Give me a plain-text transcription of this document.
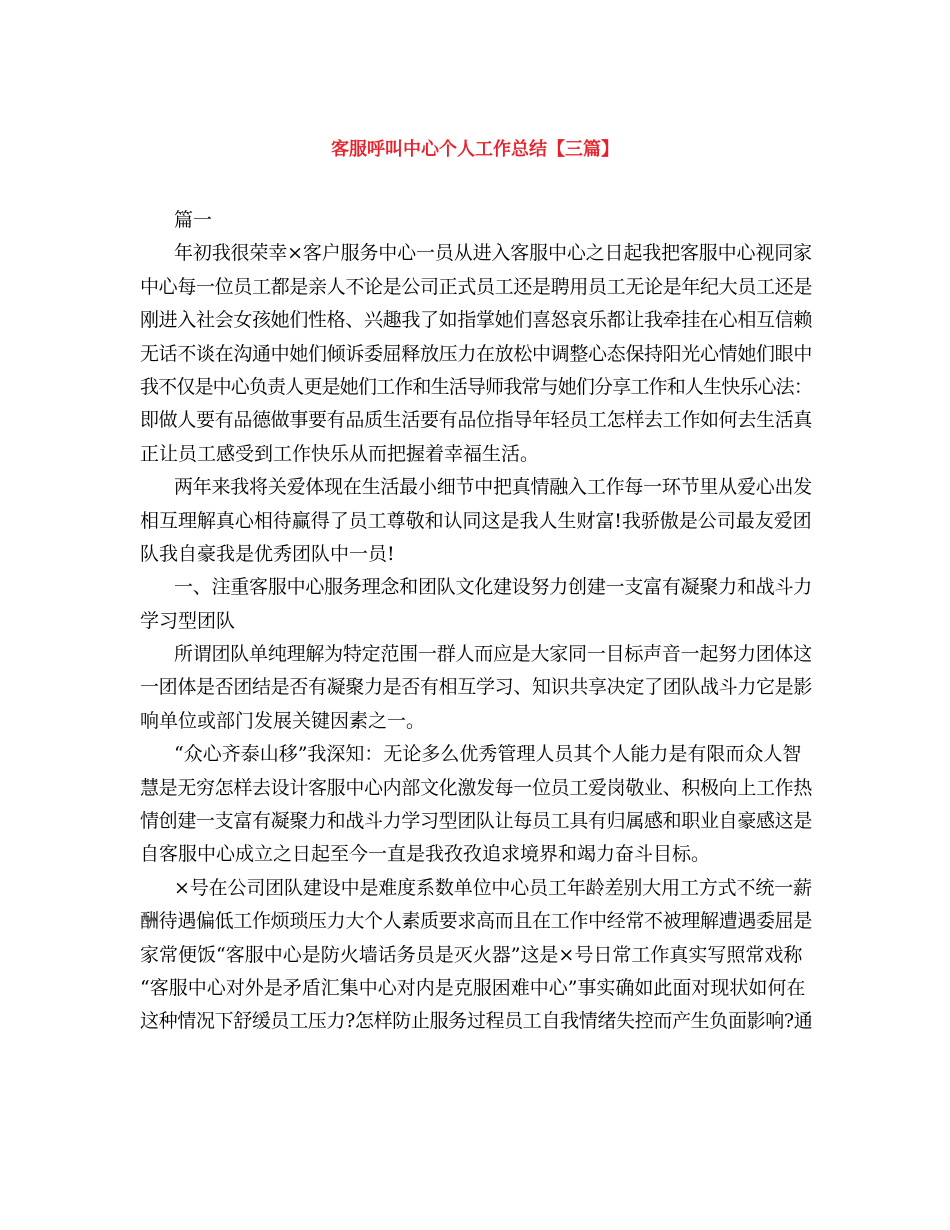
客服呼叫中心个人工作总结【三篇】
篇一
年初我很荣幸×客户服务中心一员从进入客服中心之日起我把客服中心视同家
中心每一位员工都是亲人不论是公司正式员工还是聘用员工无论是年纪大员工还是
刚进入社会女孩她们性格、兴趣我了如指掌她们喜怒哀乐都让我牵挂在心相互信赖
无话不谈在沟通中她们倾诉委屈释放压力在放松中调整心态保持阳光心情她们眼中
我不仅是中心负责人更是她们工作和生活导师我常与她们分享工作和人生快乐心法：
即做人要有品德做事要有品质生活要有品位指导年轻员工怎样去工作如何去生活真
正让员工感受到工作快乐从而把握着幸福生活。
两年来我将关爱体现在生活最小细节中把真情融入工作每一环节里从爱心出发
相互理解真心相待赢得了员工尊敬和认同这是我人生财富!我骄傲是公司最友爱团
队我自豪我是优秀团队中一员!
一、注重客服中心服务理念和团队文化建设努力创建一支富有凝聚力和战斗力
学习型团队
所谓团队单纯理解为特定范围一群人而应是大家同一目标声音一起努力团体这
一团体是否团结是否有凝聚力是否有相互学习、知识共享决定了团队战斗力它是影
响单位或部门发展关键因素之一。
“众心齐泰山移”我深知：无论多么优秀管理人员其个人能力是有限而众人智
慧是无穷怎样去设计客服中心内部文化激发每一位员工爱岗敬业、积极向上工作热
情创建一支富有凝聚力和战斗力学习型团队让每员工具有归属感和职业自豪感这是
自客服中心成立之日起至今一直是我孜孜追求境界和竭力奋斗目标。
×号在公司团队建设中是难度系数单位中心员工年龄差别大用工方式不统一薪
酬待遇偏低工作烦琐压力大个人素质要求高而且在工作中经常不被理解遭遇委屈是
家常便饭“客服中心是防火墙话务员是灭火器”这是×号日常工作真实写照常戏称
“客服中心对外是矛盾汇集中心对内是克服困难中心”事实确如此面对现状如何在
这种情况下舒缓员工压力?怎样防止服务过程员工自我情绪失控而产生负面影响?通
